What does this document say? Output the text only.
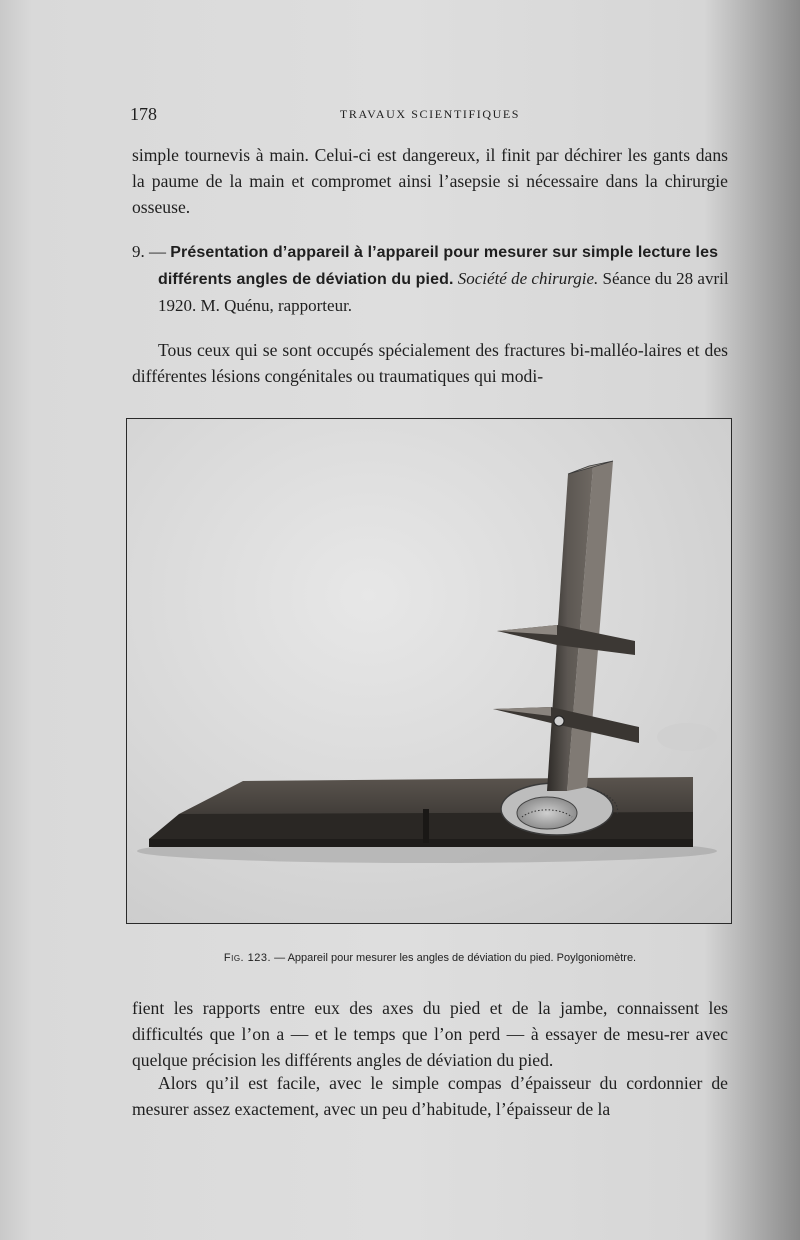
178	TRAVAUX SCIENTIFIQUES

simple tournevis à main. Celui-ci est dangereux, il finit par déchirer les gants dans la paume de la main et compromet ainsi l’asepsie si nécessaire dans la chirurgie osseuse.

9. — Présentation d’appareil à l’appareil pour mesurer sur simple lecture les différents angles de déviation du pied. Société de chirurgie. Séance du 28 avril 1920. M. Quénu, rapporteur.

Tous ceux qui se sont occupés spécialement des fractures bi-malléo-laires et des différentes lésions congénitales ou traumatiques qui modi-

Fig. 123. — Appareil pour mesurer les angles de déviation du pied. Poylgoniomètre.

fient les rapports entre eux des axes du pied et de la jambe, connaissent les difficultés que l’on a — et le temps que l’on perd — à essayer de mesu-rer avec quelque précision les différents angles de déviation du pied.

Alors qu’il est facile, avec le simple compas d’épaisseur du cordonnier de mesurer assez exactement, avec un peu d’habitude, l’épaisseur de la
